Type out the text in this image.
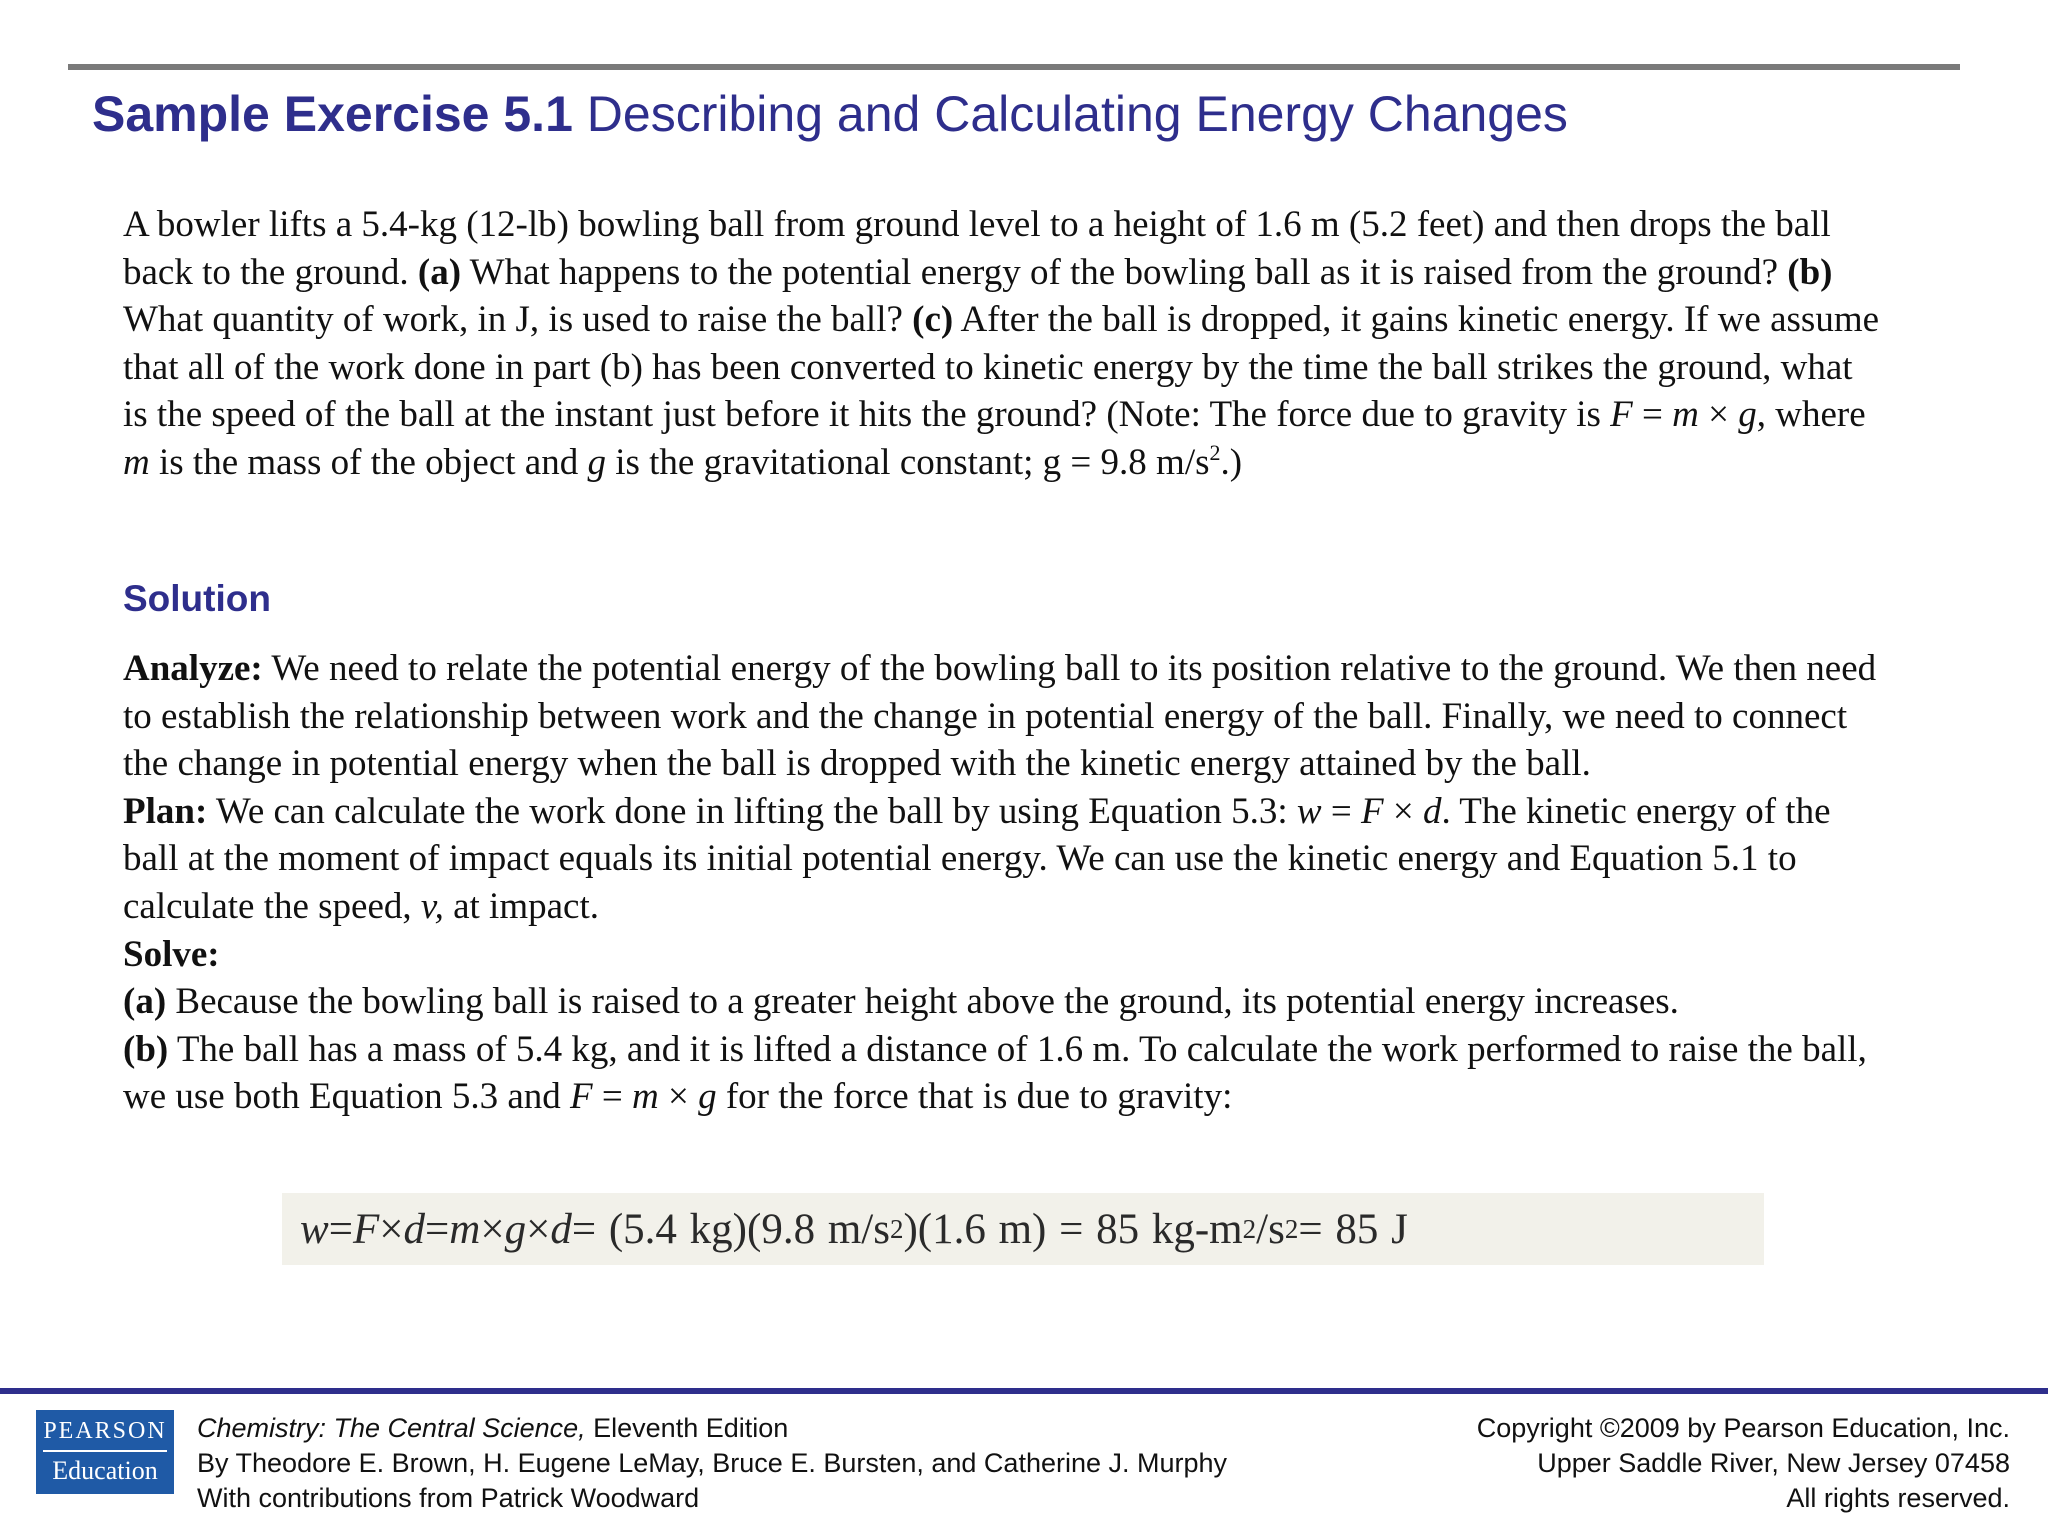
Sample Exercise 5.1 Describing and Calculating Energy Changes

A bowler lifts a 5.4-kg (12-lb) bowling ball from ground level to a height of 1.6 m (5.2 feet) and then drops the ball back to the ground. (a) What happens to the potential energy of the bowling ball as it is raised from the ground? (b) What quantity of work, in J, is used to raise the ball? (c) After the ball is dropped, it gains kinetic energy. If we assume that all of the work done in part (b) has been converted to kinetic energy by the time the ball strikes the ground, what is the speed of the ball at the instant just before it hits the ground? (Note: The force due to gravity is F = m × g, where m is the mass of the object and g is the gravitational constant; g = 9.8 $m/s^2$.)

Solution

Analyze: We need to relate the potential energy of the bowling ball to its position relative to the ground. We then need to establish the relationship between work and the change in potential energy of the ball. Finally, we need to connect the change in potential energy when the ball is dropped with the kinetic energy attained by the ball.

Plan: We can calculate the work done in lifting the ball by using Equation 5.3: w = F × d. The kinetic energy of the ball at the moment of impact equals its initial potential energy. We can use the kinetic energy and Equation 5.1 to calculate the speed, v, at impact.

Solve:

(a) Because the bowling ball is raised to a greater height above the ground, its potential energy increases.

(b) The ball has a mass of 5.4 kg, and it is lifted a distance of 1.6 m. To calculate the work performed to raise the ball, we use both Equation 5.3 and F = m × g for the force that is due to gravity:

w = F × d = m × g × d = (5.4 kg)(9.8 m/s 2 )(1.6 m) = 85 kg-m 2 /s 2 = 85 J
PEARSON
Education
Chemistry: The Central Science, Eleventh Edition
By Theodore E. Brown, H. Eugene LeMay, Bruce E. Bursten, and Catherine J. Murphy
With contributions from Patrick Woodward
Copyright ©2009 by Pearson Education, Inc.
Upper Saddle River, New Jersey 07458
All rights reserved.
